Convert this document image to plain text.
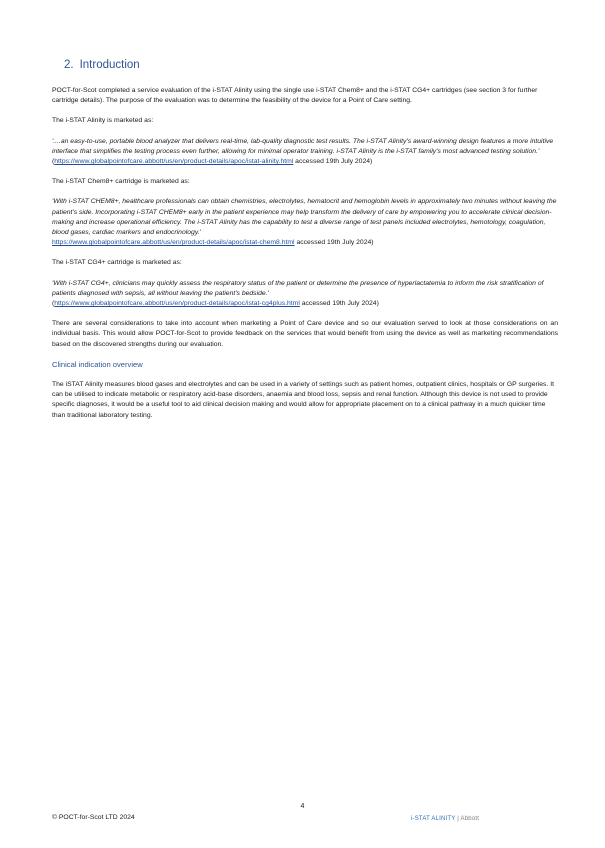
2. Introduction

POCT-for-Scot completed a service evaluation of the i-STAT Alinity using the single use i-STAT Chem8+ and the i-STAT CG4+ cartridges (see section 3 for further cartridge details). The purpose of the evaluation was to determine the feasibility of the device for a Point of Care setting.

The i-STAT Alinity is marketed as:

'....an easy-to-use, portable blood analyzer that delivers real-time, lab-quality diagnostic test results. The i-STAT Alinity's award-winning design features a more intuitive interface that simplifies the testing process even further, allowing for minimal operator training. i-STAT Alinity is the i-STAT family's most advanced testing solution.' (https://www.globalpointofcare.abbott/us/en/product-details/apoc/istat-alinity.html accessed 19th July 2024)

The i-STAT Chem8+ cartridge is marketed as:

'With i-STAT CHEM8+, healthcare professionals can obtain chemistries, electrolytes, hematocrit and hemoglobin levels in approximately two minutes without leaving the patient's side. Incorporating i-STAT CHEM8+ early in the patient experience may help transform the delivery of care by empowering you to accelerate clinical decision-making and increase operational efficiency. The i-STAT Alinity has the capability to test a diverse range of test panels included electrolytes, hemotology, coagulation, blood gases, cardiac markers and endocrinology.'
https://www.globalpointofcare.abbott/us/en/product-details/apoc/istat-chem8.html accessed 19th July 2024)

The i-STAT CG4+ cartridge is marketed as:

'With i-STAT CG4+, clinicians may quickly assess the respiratory status of the patient or determine the presence of hyperlactatemia to inform the risk stratification of patients diagnosed with sepsis, all without leaving the patient's bedside.'
(https://www.globalpointofcare.abbott/us/en/product-details/apoc/istat-cg4plus.html accessed 19th July 2024)

There are several considerations to take into account when marketing a Point of Care device and so our evaluation served to look at those considerations on an individual basis. This would allow POCT-for-Scot to provide feedback on the services that would benefit from using the device as well as marketing recommendations based on the discovered strengths during our evaluation.

Clinical indication overview

The iSTAT Alinity measures blood gases and electrolytes and can be used in a variety of settings such as patient homes, outpatient clinics, hospitals or GP surgeries. It can be utilised to indicate metabolic or respiratory acid-base disorders, anaemia and blood loss, sepsis and renal function. Although this device is not used to provide specific diagnoses, it would be a useful tool to aid clinical decision making and would allow for appropriate placement on to a clinical pathway in a much quicker time than traditional laboratory testing.

4
© POCT-for-Scot LTD 2024	i-STAT ALINITY | Abbott
